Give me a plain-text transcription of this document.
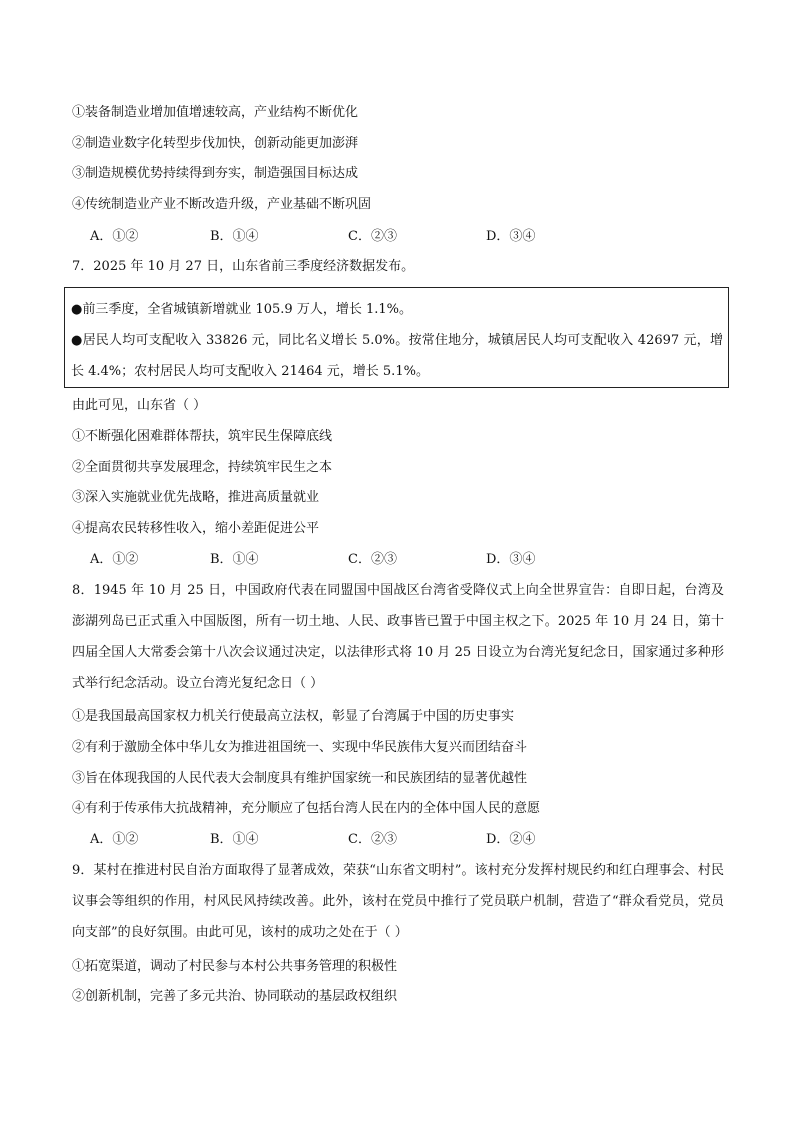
①装备制造业增加值增速较高，产业结构不断优化
②制造业数字化转型步伐加快，创新动能更加澎湃
③制造规模优势持续得到夯实，制造强国目标达成
④传统制造业产业不断改造升级，产业基础不断巩固
A．①②	B．①④	C．②③	D．③④
7．2025 年 10 月 27 日，山东省前三季度经济数据发布。
●前三季度，全省城镇新增就业 105.9 万人，增长 1.1%。
●居民人均可支配收入 33826 元，同比名义增长 5.0%。按常住地分，城镇居民人均可支配收入 42697 元，增长 4.4%；农村居民人均可支配收入 21464 元，增长 5.1%。
由此可见，山东省（ ）
①不断强化困难群体帮扶，筑牢民生保障底线
②全面贯彻共享发展理念，持续筑牢民生之本
③深入实施就业优先战略，推进高质量就业
④提高农民转移性收入，缩小差距促进公平
A．①②	B．①④	C．②③	D．③④
8．1945 年 10 月 25 日，中国政府代表在同盟国中国战区台湾省受降仪式上向全世界宣告：自即日起，台湾及澎湖列岛已正式重入中国版图，所有一切土地、人民、政事皆已置于中国主权之下。2025 年 10 月 24 日，第十四届全国人大常委会第十八次会议通过决定，以法律形式将 10 月 25 日设立为台湾光复纪念日，国家通过多种形式举行纪念活动。设立台湾光复纪念日（ ）
①是我国最高国家权力机关行使最高立法权，彰显了台湾属于中国的历史事实
②有利于激励全体中华儿女为推进祖国统一、实现中华民族伟大复兴而团结奋斗
③旨在体现我国的人民代表大会制度具有维护国家统一和民族团结的显著优越性
④有利于传承伟大抗战精神，充分顺应了包括台湾人民在内的全体中国人民的意愿
A．①②	B．①④	C．②③	D．②④
9．某村在推进村民自治方面取得了显著成效，荣获“山东省文明村”。该村充分发挥村规民约和红白理事会、村民议事会等组织的作用，村风民风持续改善。此外，该村在党员中推行了党员联户机制，营造了“群众看党员，党员向支部”的良好氛围。由此可见，该村的成功之处在于（ ）
①拓宽渠道，调动了村民参与本村公共事务管理的积极性
②创新机制，完善了多元共治、协同联动的基层政权组织
